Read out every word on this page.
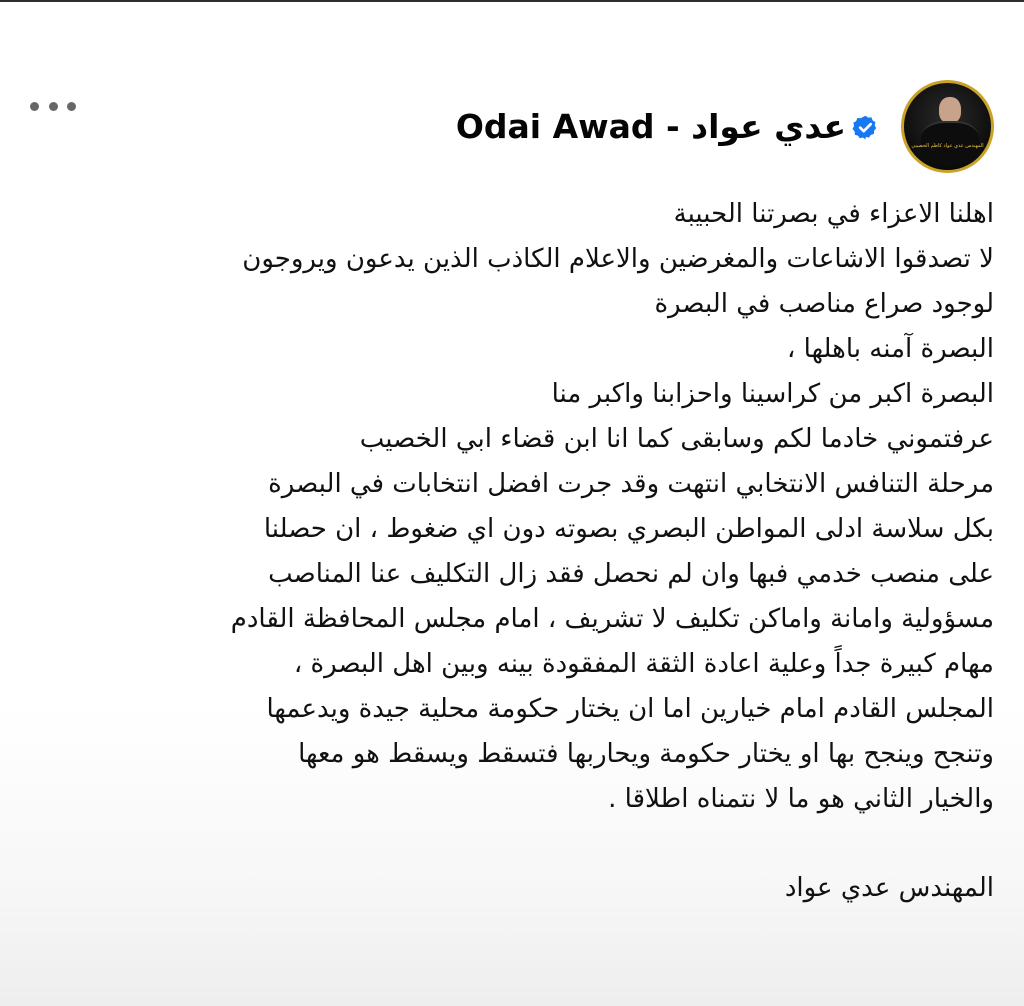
عدي عواد - Odai Awad	المهندس عدي عواد كاظم الخصيبي
اهلنا الاعزاء في بصرتنا الحبيبة
لا تصدقوا الاشاعات والمغرضين والاعلام الكاذب الذين يدعون ويروجون
لوجود صراع مناصب في البصرة
البصرة آمنه باهلها ،
البصرة اكبر من كراسينا واحزابنا واكبر منا
عرفتموني خادما لكم وسابقى كما انا ابن قضاء ابي الخصيب
مرحلة التنافس الانتخابي انتهت وقد جرت افضل انتخابات في البصرة
بكل سلاسة ادلى المواطن البصري بصوته دون اي ضغوط ، ان حصلنا
على منصب خدمي فبها وان لم نحصل فقد زال التكليف عنا المناصب
مسؤولية وامانة واماكن تكليف لا تشريف ، امام مجلس المحافظة القادم
مهام كبيرة جداً وعلية اعادة الثقة المفقودة بينه وبين اهل البصرة ،
المجلس القادم امام خيارين اما ان يختار حكومة محلية جيدة ويدعمها
وتنجح وينجح بها او يختار حكومة ويحاربها فتسقط ويسقط هو معها
والخيار الثاني هو ما لا نتمناه اطلاقا .
المهندس عدي عواد
